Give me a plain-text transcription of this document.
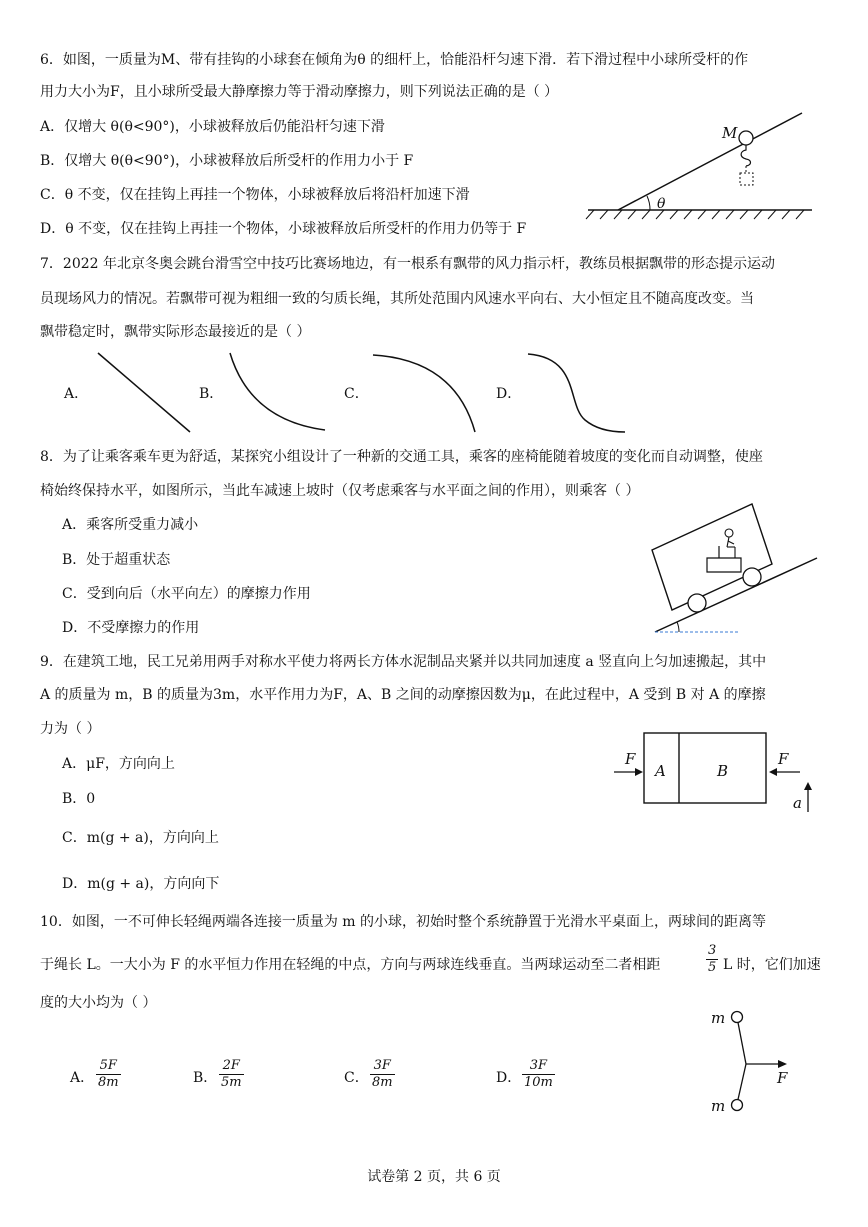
6．如图，一质量为M、带有挂钩的小球套在倾角为θ 的细杆上，恰能沿杆匀速下滑．若下滑过程中小球所受杆的作
用力大小为F，且小球所受最大静摩擦力等于滑动摩擦力，则下列说法正确的是（ ）
A．仅增大 θ(θ<90°)，小球被释放后仍能沿杆匀速下滑
B．仅增大 θ(θ<90°)，小球被释放后所受杆的作用力小于 F
C．θ 不变，仅在挂钩上再挂一个物体，小球被释放后将沿杆加速下滑
D．θ 不变，仅在挂钩上再挂一个物体，小球被释放后所受杆的作用力仍等于 F
M
θ
7．2022 年北京冬奥会跳台滑雪空中技巧比赛场地边，有一根系有飘带的风力指示杆，教练员根据飘带的形态提示运动
员现场风力的情况。若飘带可视为粗细一致的匀质长绳，其所处范围内风速水平向右、大小恒定且不随高度改变。当
飘带稳定时，飘带实际形态最接近的是（ ）
A．	B．	C．	D．
8．为了让乘客乘车更为舒适，某探究小组设计了一种新的交通工具，乘客的座椅能随着坡度的变化而自动调整，使座
椅始终保持水平，如图所示，当此车减速上坡时（仅考虑乘客与水平面之间的作用），则乘客（ ）
A．乘客所受重力减小
B．处于超重状态
C．受到向后（水平向左）的摩擦力作用
D．不受摩擦力的作用
9．在建筑工地，民工兄弟用两手对称水平使力将两长方体水泥制品夹紧并以共同加速度 a 竖直向上匀加速搬起，其中
A 的质量为 m，B 的质量为3m，水平作用力为F，A、B 之间的动摩擦因数为μ，在此过程中，A 受到 B 对 A 的摩擦
力为（ ）
A．μF，方向向上
B．0
C．m(g + a)，方向向上
D．m(g + a)，方向向下
F	F
A	B
a
10．如图，一不可伸长轻绳两端各连接一质量为 m 的小球，初始时整个系统静置于光滑水平桌面上，两球间的距离等
于绳长 L。一大小为 F 的水平恒力作用在轻绳的中点，方向与两球连线垂直。当两球运动至二者相距	$\frac{3}{5}$ L 时，它们加速
度的大小均为（ ）
A． $\frac{5F}{8m}$	B． $\frac{2F}{5m}$	C． $\frac{3F}{8m}$	D． $\frac{3F}{10m}$
m
m
F
试卷第 2 页，共 6 页
